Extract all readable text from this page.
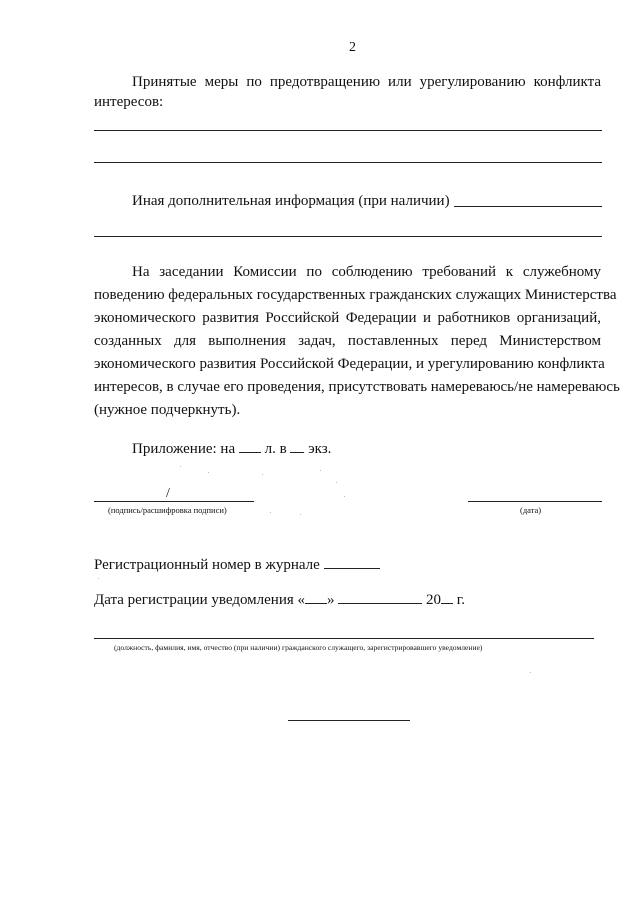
2
Принятые меры по предотвращению или урегулированию конфликта
интересов:
Иная дополнительная информация (при наличии)
На заседании Комиссии по соблюдению требований к служебному
поведению федеральных государственных гражданских служащих Министерства
экономического развития Российской Федерации и работников организаций,
созданных для выполнения задач, поставленных перед Министерством
экономического развития Российской Федерации, и урегулированию конфликта
интересов, в случае его проведения, присутствовать намереваюсь/не намереваюсь
(нужное подчеркнуть).
Приложение: на л. в экз.
/
(подпись/расшифровка подписи)	(дата)
Регистрационный номер в журнале
Дата регистрации уведомления « »	20 г.
(должность, фамилия, имя, отчество (при наличии) гражданского служащего, зарегистрировавшего уведомление)
